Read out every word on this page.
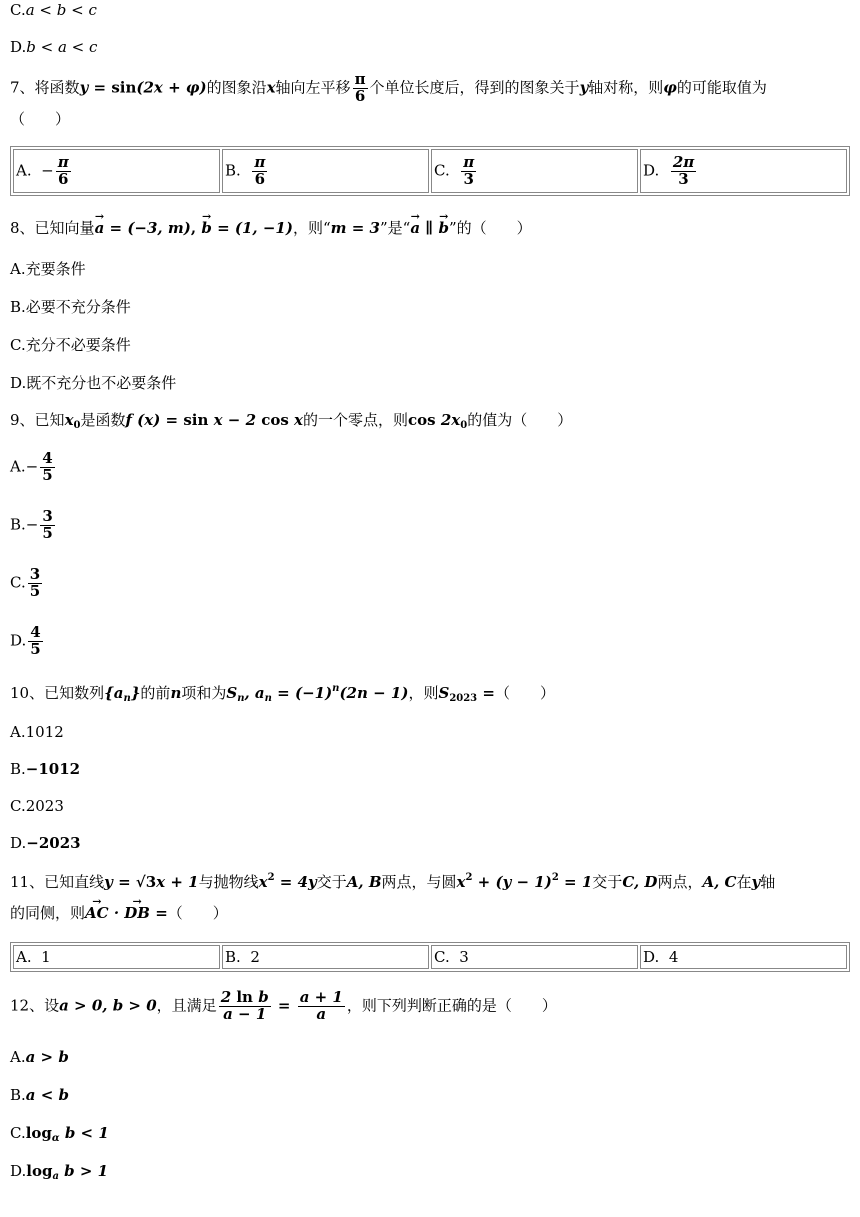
C.a < b < c
D.b < a < c
7、将函数y = sin(2x + φ)的图象沿x轴向左平移 $\frac{\pi}{6}$ 个单位长度后，得到的图象关于y轴对称，则φ的可能取值为
（　　）
A. − $\frac{\pi}{6}$	B. $\frac{\pi}{6}$	C. $\frac{\pi}{3}$	D. $\frac{2\pi}{3}$
8、已知向量→ a = (−3, m), → b = (1, −1)，则“m = 3”是“→ a ∥ → b”的（　　）
A.充要条件
B.必要不充分条件
C.充分不必要条件
D.既不充分也不必要条件
9、已知$x_0$是函数f (x) = sin x − 2 cos x的一个零点，则$\cos 2x_0$的值为（　　）
$A.- \frac{4}{5}$
$B.- \frac{3}{5}$
C. $\frac{3}{5}$
D. $\frac{4}{5}$
10、已知数列$\{a_n\}$的前n项和为$S_n$, $a_n = (-1)^n(2n - 1)$，则$S_{2023}$ =（　　）
A.1012
B.−1012
C.2023
D.−2023
11、已知直线y = √3x + 1与抛物线$x^2 = 4y$交于A, B两点，与圆$x^2 + (y - 1)^2 = 1$交于C, D两点，A, C在y轴
的同侧，则→ AC · → DB =（　　）
A. 1	B. 2	C. 3	D. 4
12、设a > 0, b > 0，且满足 $\frac{\text{2 ln b}}{a - 1} = \frac{a + 1}{a}$ ，则下列判断正确的是（　　）
A.a > b
B.a < b
$C.\log_\alpha$ b < 1
$D.\log_a$ b > 1
